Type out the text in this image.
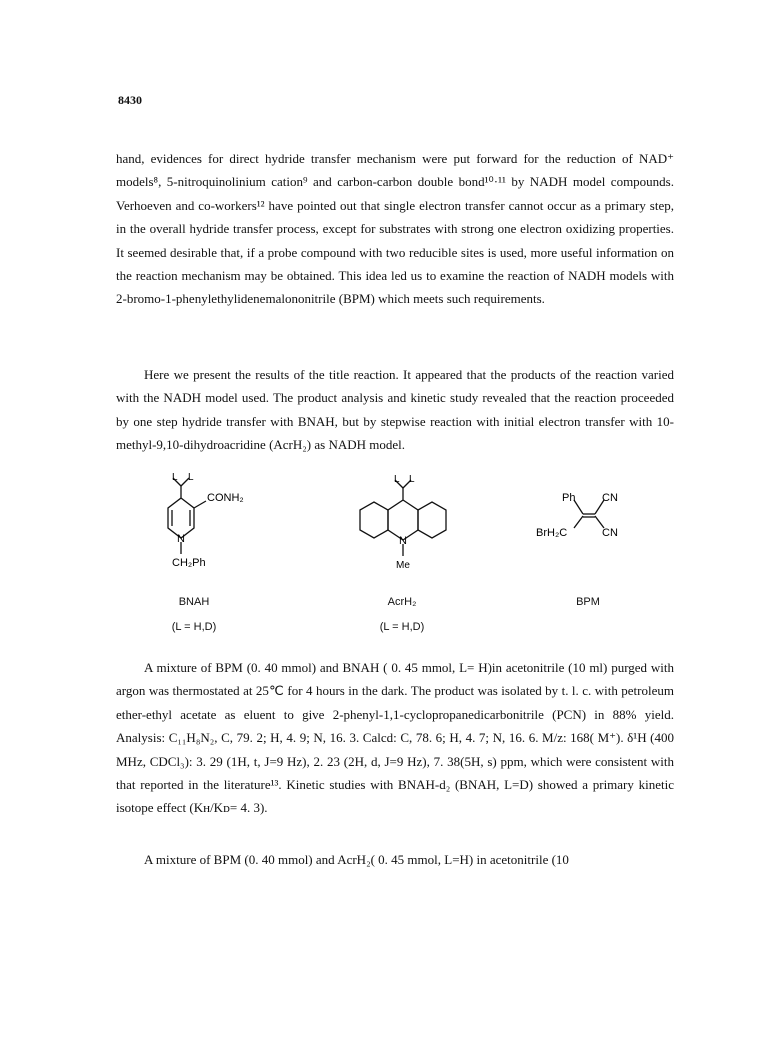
8430

hand, evidences for direct hydride transfer mechanism were put forward for the reduction of NAD⁺ models⁸, 5-nitroquinolinium cation⁹ and carbon-carbon double bond¹⁰·¹¹ by NADH model compounds. Verhoeven and co-workers¹² have pointed out that single electron transfer cannot occur as a primary step, in the overall hydride transfer process, except for substrates with strong one electron oxidizing properties. It seemed desirable that, if a probe compound with two reducible sites is used, more useful information on the reaction mechanism may be obtained. This idea led us to examine the reaction of NADH models with 2-bromo-1-phenylethylidenemalononitrile (BPM) which meets such requirements.

Here we present the results of the title reaction. It appeared that the products of the reaction varied with the NADH model used. The product analysis and kinetic study revealed that the reaction proceeded by one step hydride transfer with BNAH, but by stepwise reaction with initial electron transfer with 10-methyl-9,10-dihydroacridine (AcrH₂) as NADH model.

L L
CONH₂
N
CH₂Ph
L L
N
Me
Ph CN
BrH₂C	CN
BNAH
(L = H,D)
AcrH₂
(L = H,D)
BPM

A mixture of BPM (0. 40 mmol) and BNAH ( 0. 45 mmol, L= H)in acetonitrile (10 ml) purged with argon was thermostated at 25℃ for 4 hours in the dark. The product was isolated by t. l. c. with petroleum ether-ethyl acetate as eluent to give 2-phenyl-1,1-cyclopropanedicarbonitrile (PCN) in 88% yield. Analysis: C₁₁H₈N₂, C, 79. 2; H, 4. 9; N, 16. 3. Calcd: C, 78. 6; H, 4. 7; N, 16. 6. M/z: 168( M⁺). δ¹H (400 MHz, CDCl₃): 3. 29 (1H, t, J=9 Hz), 2. 23 (2H, d, J=9 Hz), 7. 38(5H, s) ppm, which were consistent with that reported in the literature¹³. Kinetic studies with BNAH-d₂ (BNAH, L=D) showed a primary kinetic isotope effect (Kʜ/Kᴅ= 4. 3).

A mixture of BPM (0. 40 mmol) and AcrH₂( 0. 45 mmol, L=H) in acetonitrile (10
